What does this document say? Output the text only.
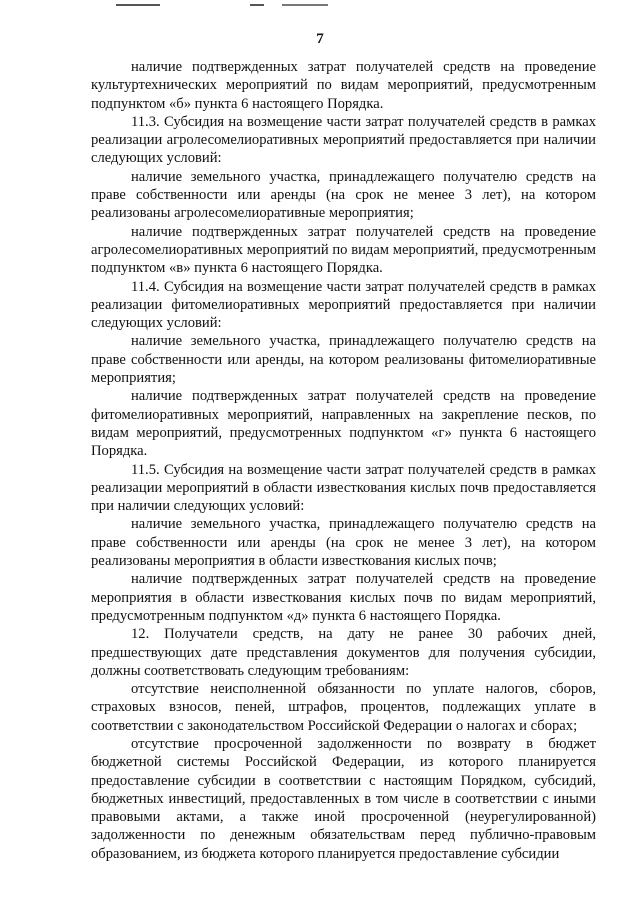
7

наличие подтвержденных затрат получателей средств на проведение культуртехнических мероприятий по видам мероприятий, предусмотренным подпунктом «б» пункта 6 настоящего Порядка.

11.3. Субсидия на возмещение части затрат получателей средств в рамках реализации агролесомелиоративных мероприятий предоставляется при наличии следующих условий:

наличие земельного участка, принадлежащего получателю средств на праве собственности или аренды (на срок не менее 3 лет), на котором реализованы агролесомелиоративные мероприятия;

наличие подтвержденных затрат получателей средств на проведение агролесомелиоративных мероприятий по видам мероприятий, предусмотренным подпунктом «в» пункта 6 настоящего Порядка.

11.4. Субсидия на возмещение части затрат получателей средств в рамках реализации фитомелиоративных мероприятий предоставляется при наличии следующих условий:

наличие земельного участка, принадлежащего получателю средств на праве собственности или аренды, на котором реализованы фитомелиоративные мероприятия;

наличие подтвержденных затрат получателей средств на проведение фитомелиоративных мероприятий, направленных на закрепление песков, по видам мероприятий, предусмотренных подпунктом «г» пункта 6 настоящего Порядка.

11.5. Субсидия на возмещение части затрат получателей средств в рамках реализации мероприятий в области известкования кислых почв предоставляется при наличии следующих условий:

наличие земельного участка, принадлежащего получателю средств на праве собственности или аренды (на срок не менее 3 лет), на котором реализованы мероприятия в области известкования кислых почв;

наличие подтвержденных затрат получателей средств на проведение мероприятия в области известкования кислых почв по видам мероприятий, предусмотренным подпунктом «д» пункта 6 настоящего Порядка.

12. Получатели средств, на дату не ранее 30 рабочих дней, предшествующих дате представления документов для получения субсидии, должны соответствовать следующим требованиям:

отсутствие неисполненной обязанности по уплате налогов, сборов, страховых взносов, пеней, штрафов, процентов, подлежащих уплате в соответствии с законодательством Российской Федерации о налогах и сборах;

отсутствие просроченной задолженности по возврату в бюджет бюджетной системы Российской Федерации, из которого планируется предоставление субсидии в соответствии с настоящим Порядком, субсидий, бюджетных инвестиций, предоставленных в том числе в соответствии с иными правовыми актами, а также иной просроченной (неурегулированной) задолженности по денежным обязательствам перед публично-правовым образованием, из бюджета которого планируется предоставление субсидии
